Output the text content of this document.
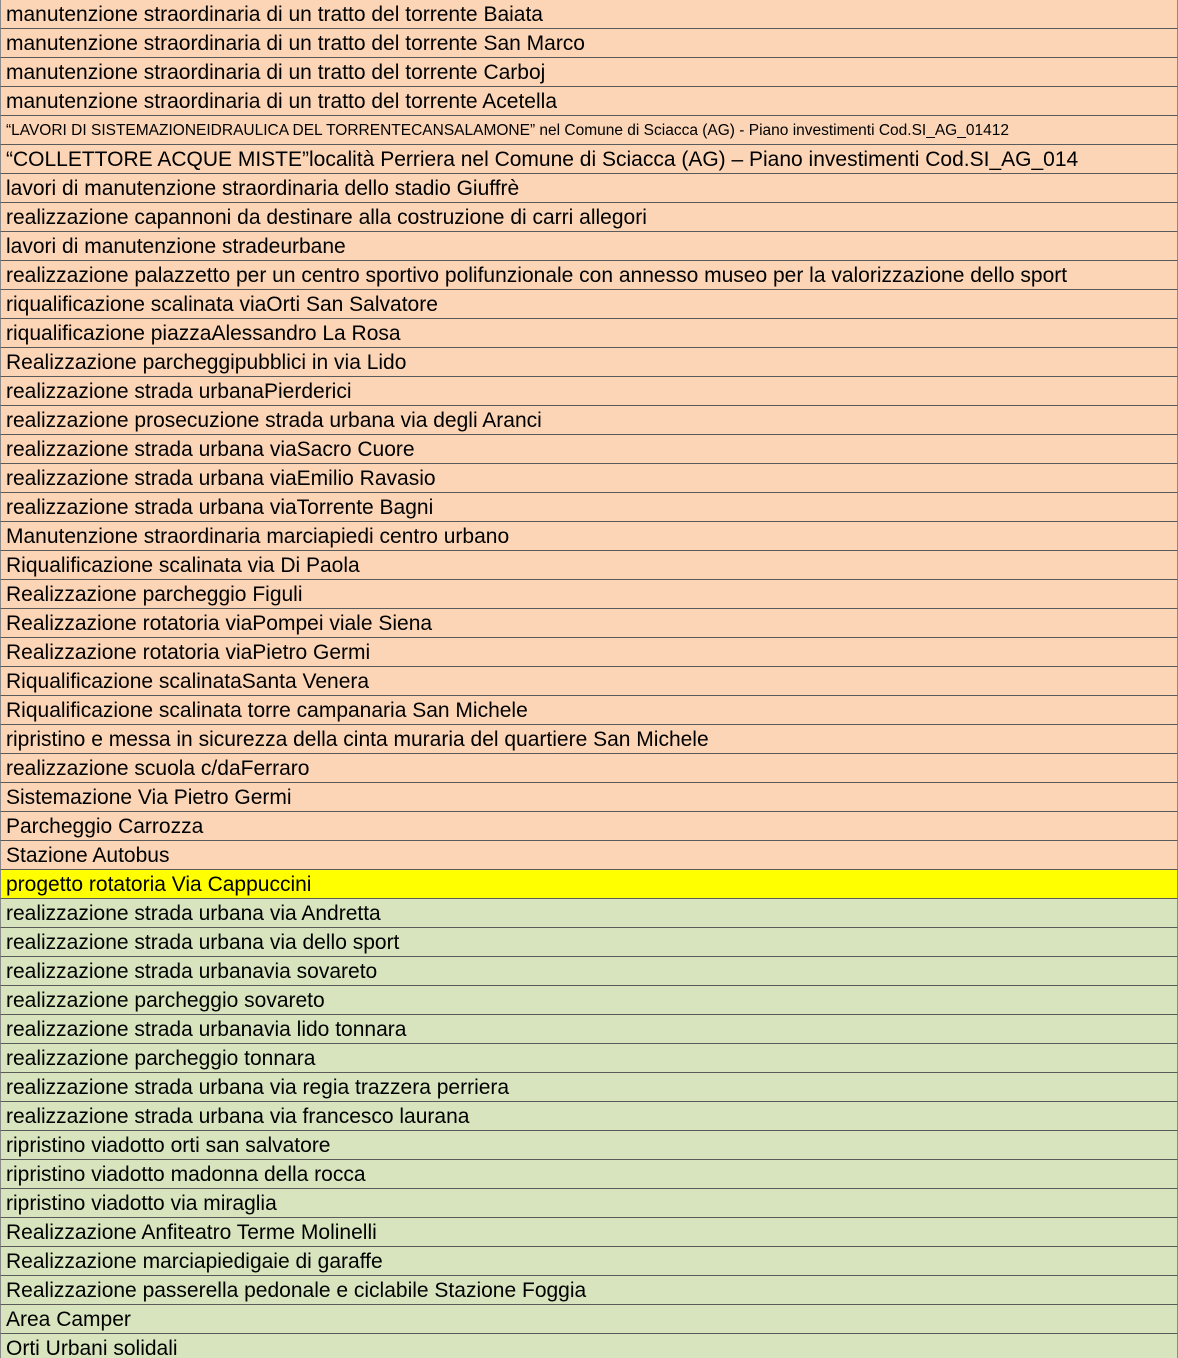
manutenzione straordinaria di un tratto del torrente Baiata
manutenzione straordinaria di un tratto del torrente San Marco
manutenzione straordinaria di un tratto del torrente Carboj
manutenzione straordinaria di un tratto del torrente Acetella
“LAVORI DI SISTEMAZIONEIDRAULICA DEL TORRENTECANSALAMONE” nel Comune di Sciacca (AG) - Piano investimenti Cod.SI_AG_01412
“COLLETTORE ACQUE MISTE”località Perriera nel Comune di Sciacca (AG) – Piano investimenti Cod.SI_AG_014
lavori di manutenzione straordinaria dello stadio Giuffrè
realizzazione capannoni da destinare alla costruzione di carri allegori
lavori di manutenzione stradeurbane
realizzazione palazzetto per un centro sportivo polifunzionale con annesso museo per la valorizzazione dello sport
riqualificazione scalinata viaOrti San Salvatore
riqualificazione piazzaAlessandro La Rosa
Realizzazione parcheggipubblici in via Lido
realizzazione strada urbanaPierderici
realizzazione prosecuzione strada urbana via degli Aranci
realizzazione strada urbana viaSacro Cuore
realizzazione strada urbana viaEmilio Ravasio
realizzazione strada urbana viaTorrente Bagni
Manutenzione straordinaria marciapiedi centro urbano
Riqualificazione scalinata via Di Paola
Realizzazione parcheggio Figuli
Realizzazione rotatoria viaPompei viale Siena
Realizzazione rotatoria viaPietro Germi
Riqualificazione scalinataSanta Venera
Riqualificazione scalinata torre campanaria San Michele
ripristino e messa in sicurezza della cinta muraria del quartiere San Michele
realizzazione scuola c/daFerraro
Sistemazione Via Pietro Germi
Parcheggio Carrozza
Stazione Autobus
progetto rotatoria Via Cappuccini
realizzazione strada urbana via Andretta
realizzazione strada urbana via dello sport
realizzazione strada urbanavia sovareto
realizzazione parcheggio sovareto
realizzazione strada urbanavia lido tonnara
realizzazione parcheggio tonnara
realizzazione strada urbana via regia trazzera perriera
realizzazione strada urbana via francesco laurana
ripristino viadotto orti san salvatore
ripristino viadotto madonna della rocca
ripristino viadotto via miraglia
Realizzazione Anfiteatro Terme Molinelli
Realizzazione marciapiedigaie di garaffe
Realizzazione passerella pedonale e ciclabile Stazione Foggia
Area Camper
Orti Urbani solidali
